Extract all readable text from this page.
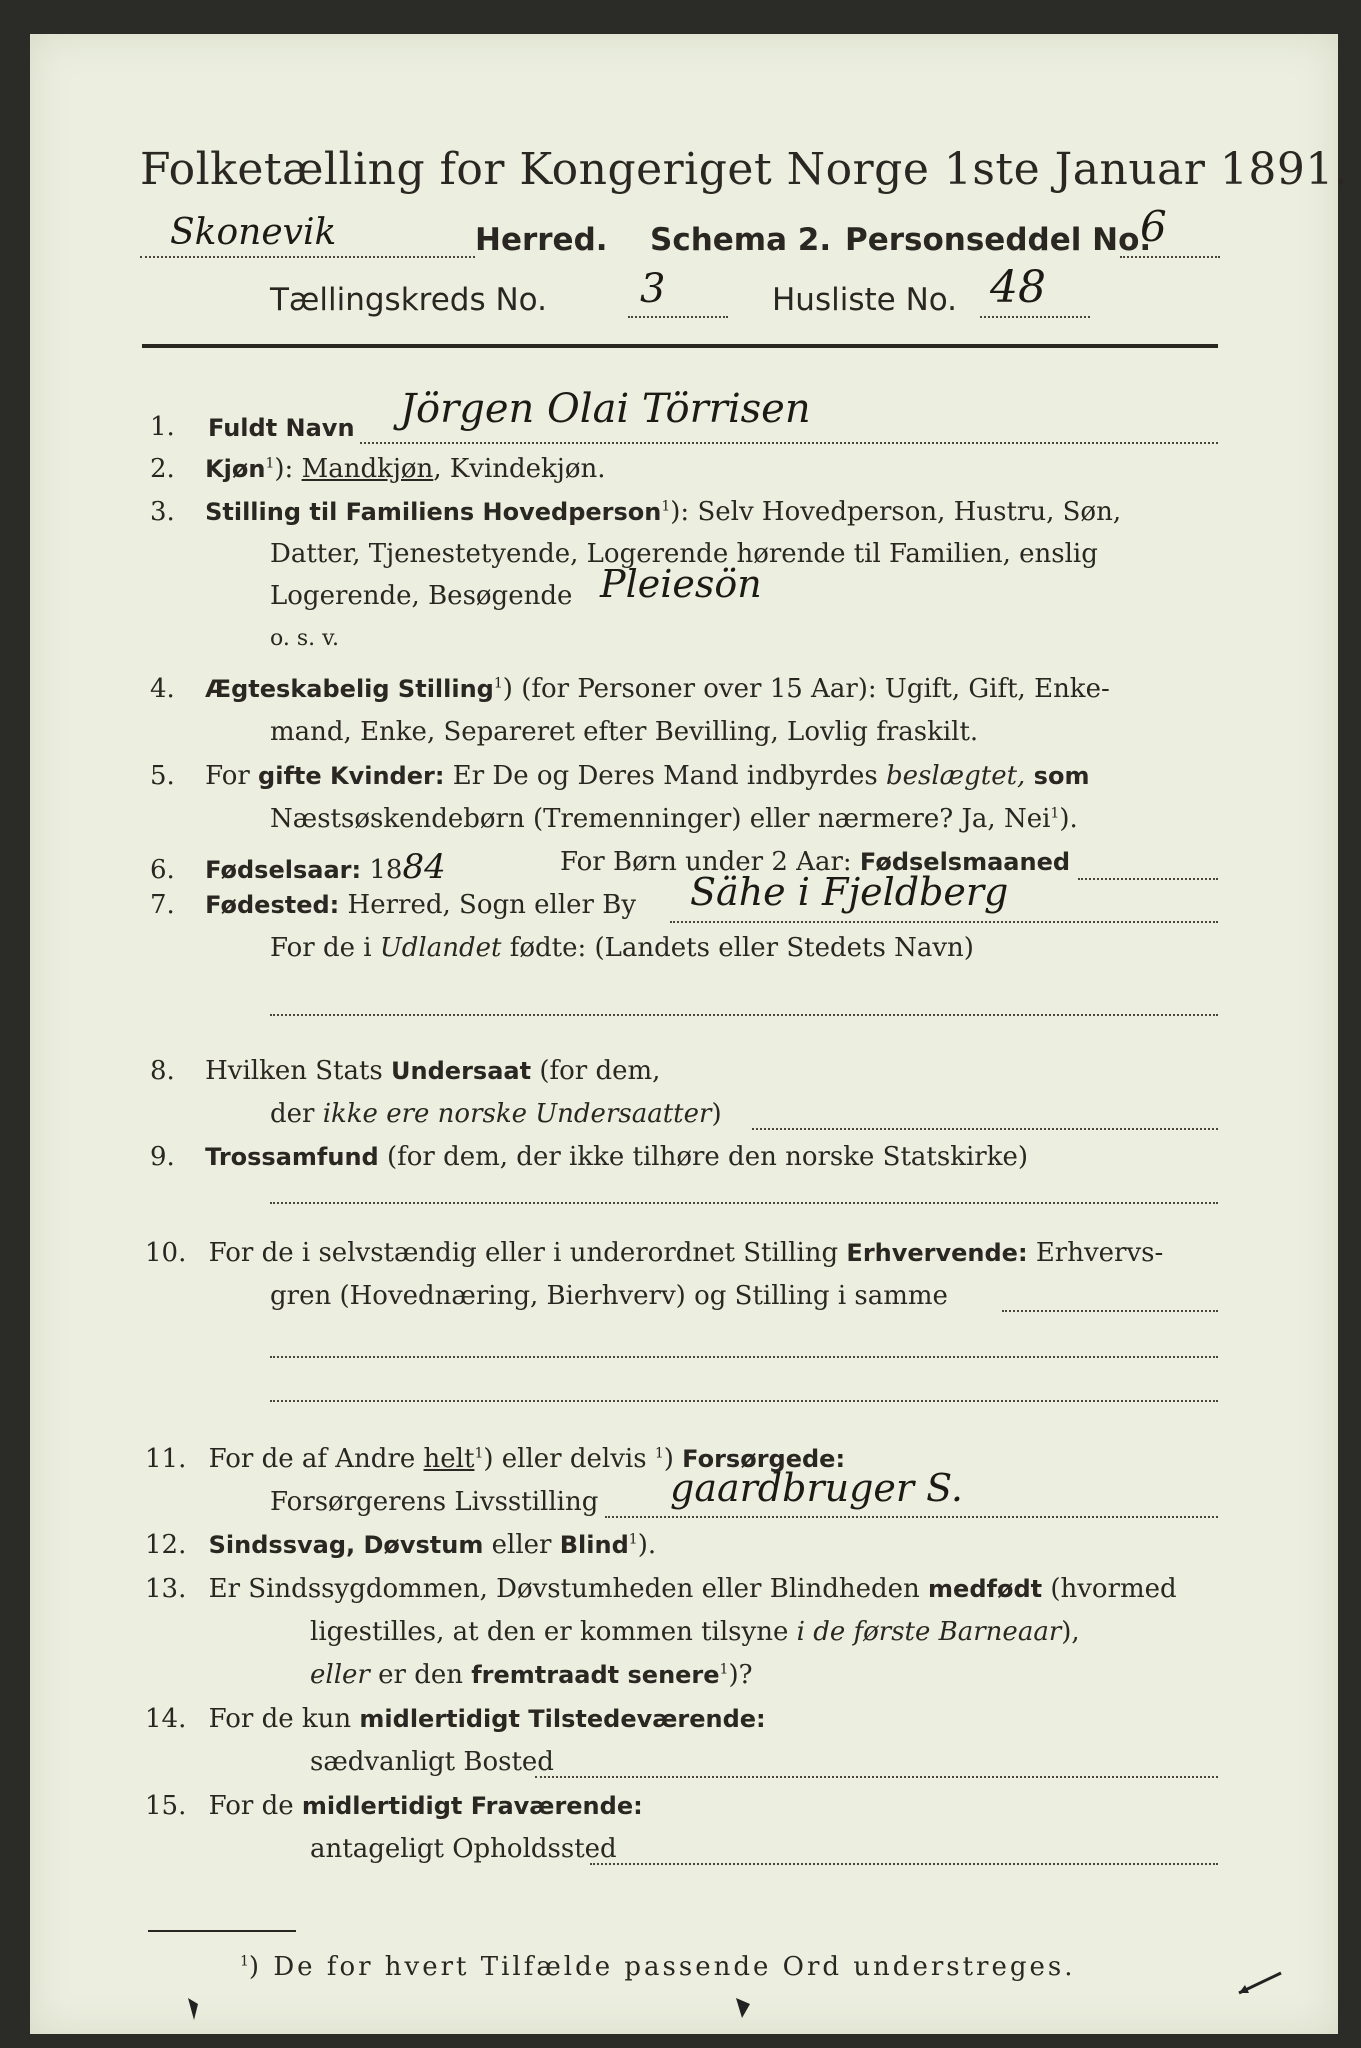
Folketælling for Kongeriget Norge 1ste Januar 1891.
Skonevik	Herred. Schema 2. Personseddel No.
6
Tællingskreds No. 3	Husliste No. 48
1. Fuldt Navn Jörgen Olai Törrisen
2. Kjøn$^1$): Mandkjøn, Kvindekjøn.
3. Stilling til Familiens Hovedperson$^1$): Selv Hovedperson, Hustru, Søn,
Datter, Tjenestetyende, Logerende hørende til Familien, enslig
Logerende, Besøgende Pleiesön
o. s. v.
4. Ægteskabelig Stilling$^1$) (for Personer over 15 Aar): Ugift, Gift, Enke-
mand, Enke, Separeret efter Bevilling, Lovlig fraskilt.
5. For gifte Kvinder: Er De og Deres Mand indbyrdes beslægtet, som
Næstsøskendebørn (Tremenninger) eller nærmere? Ja, Nei$^1$).
6. Fødselsaar: 1884	For Børn under 2 Aar: Fødselsmaaned
7. Fødested: Herred, Sogn eller By Sähe i Fjeldberg
For de i Udlandet fødte: (Landets eller Stedets Navn)
8. Hvilken Stats Undersaat (for dem,
der ikke ere norske Undersaatter)
9. Trossamfund (for dem, der ikke tilhøre den norske Statskirke)
10. For de i selvstændig eller i underordnet Stilling Erhvervende: Erhvervs-
gren (Hovednæring, Bierhverv) og Stilling i samme
11. For de af Andre helt$^1$) eller delvis $^1$) Forsørgede:
Forsørgerens Livsstilling gaardbruger S.
12. Sindssvag, Døvstum eller Blind$^1$).
13. Er Sindssygdommen, Døvstumheden eller Blindheden medfødt (hvormed
ligestilles, at den er kommen tilsyne i de første Barneaar),
eller er den fremtraadt senere$^1$)?
14. For de kun midlertidigt Tilstedeværende:
sædvanligt Bosted
15. For de midlertidigt Fraværende:
antageligt Opholdssted
$^1$) De for hvert Tilfælde passende Ord understreges.
